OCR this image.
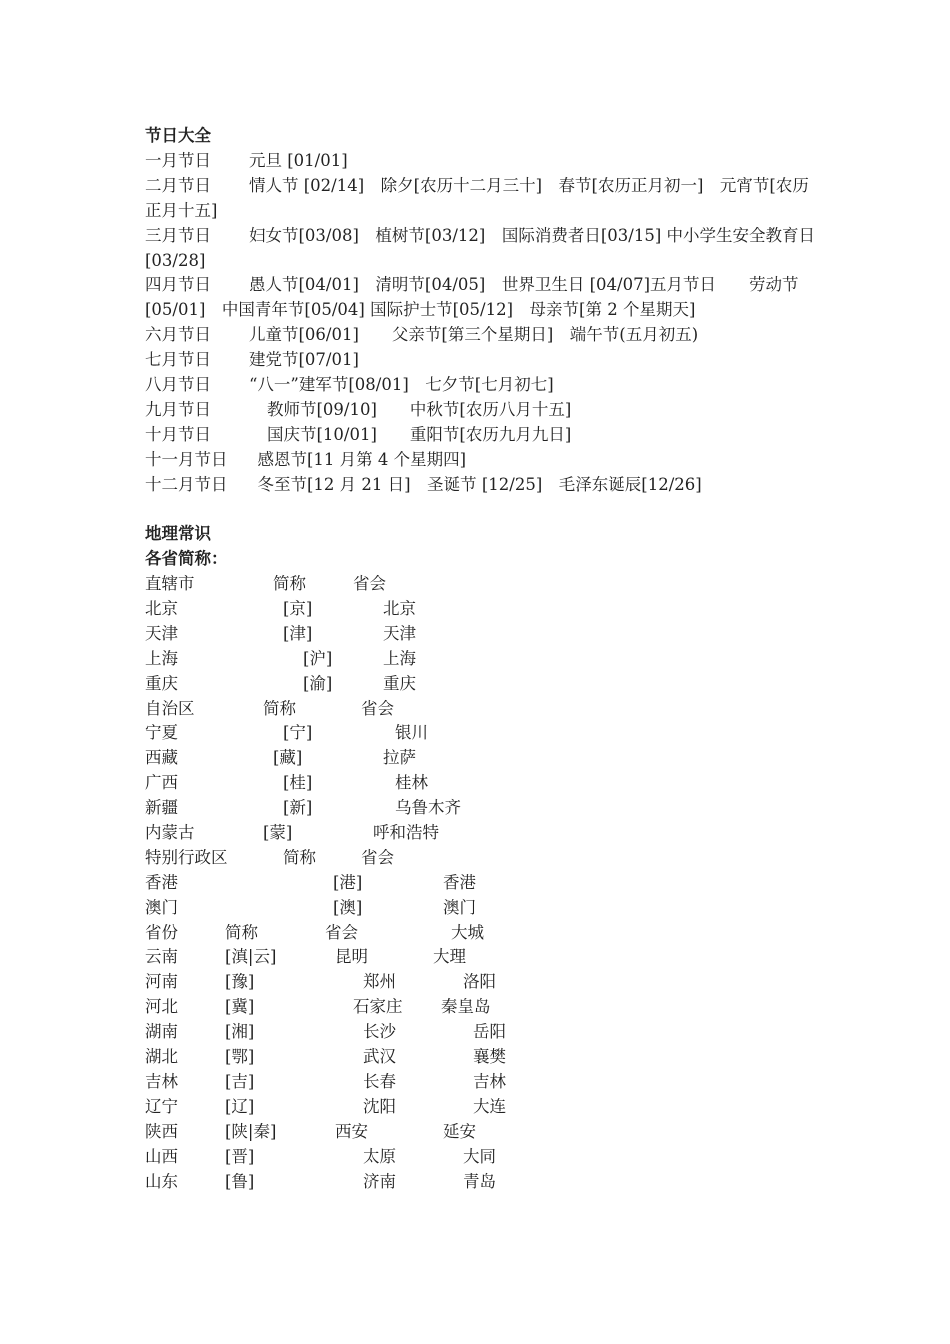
节日大全
一月节日 元旦 [01/01]
二月节日 情人节 [02/14]　除夕[农历十二月三十]　春节[农历正月初一]　元宵节[农历正月十五]
三月节日 妇女节[03/08]　植树节[03/12]　国际消费者日[03/15] 中小学生安全教育日[03/28]
四月节日 愚人节[04/01]　清明节[04/05]　世界卫生日 [04/07]五月节日　　劳动节[05/01]　中国青年节[05/04] 国际护士节[05/12]　母亲节[第 2 个星期天]
六月节日 儿童节[06/01]　　父亲节[第三个星期日]　端午节(五月初五)
七月节日 建党节[07/01]
八月节日 “八一”建军节[08/01]　七夕节[七月初七]
九月节日	教师节[09/10]　　中秋节[农历八月十五]
十月节日	国庆节[10/01]　　重阳节[农历九月九日]
十一月节日 感恩节[11 月第 4 个星期四]
十二月节日 冬至节[12 月 21 日]　圣诞节 [12/25]　毛泽东诞辰[12/26]
地理常识
各省简称：
直辖市	简称	省会
北京	[京]	北京
天津	[津]	天津
上海	[沪]	上海
重庆	[渝]	重庆
自治区	简称	省会
宁夏	[宁]	银川
西藏	[藏]	拉萨
广西	[桂]	桂林
新疆	[新]	乌鲁木齐
内蒙古	[蒙]	呼和浩特
特别行政区	简称	省会
香港	[港]	香港
澳门	[澳]	澳门
省份	简称	省会	大城
云南	[滇|云]	昆明	大理
河南	[豫]	郑州	洛阳
河北	[冀]	石家庄 秦皇岛
湖南	[湘]	长沙	岳阳
湖北	[鄂]	武汉	襄樊
吉林	[吉]	长春	吉林
辽宁	[辽]	沈阳	大连
陕西	[陕|秦]	西安	延安
山西	[晋]	太原	大同
山东	[鲁]	济南	青岛
